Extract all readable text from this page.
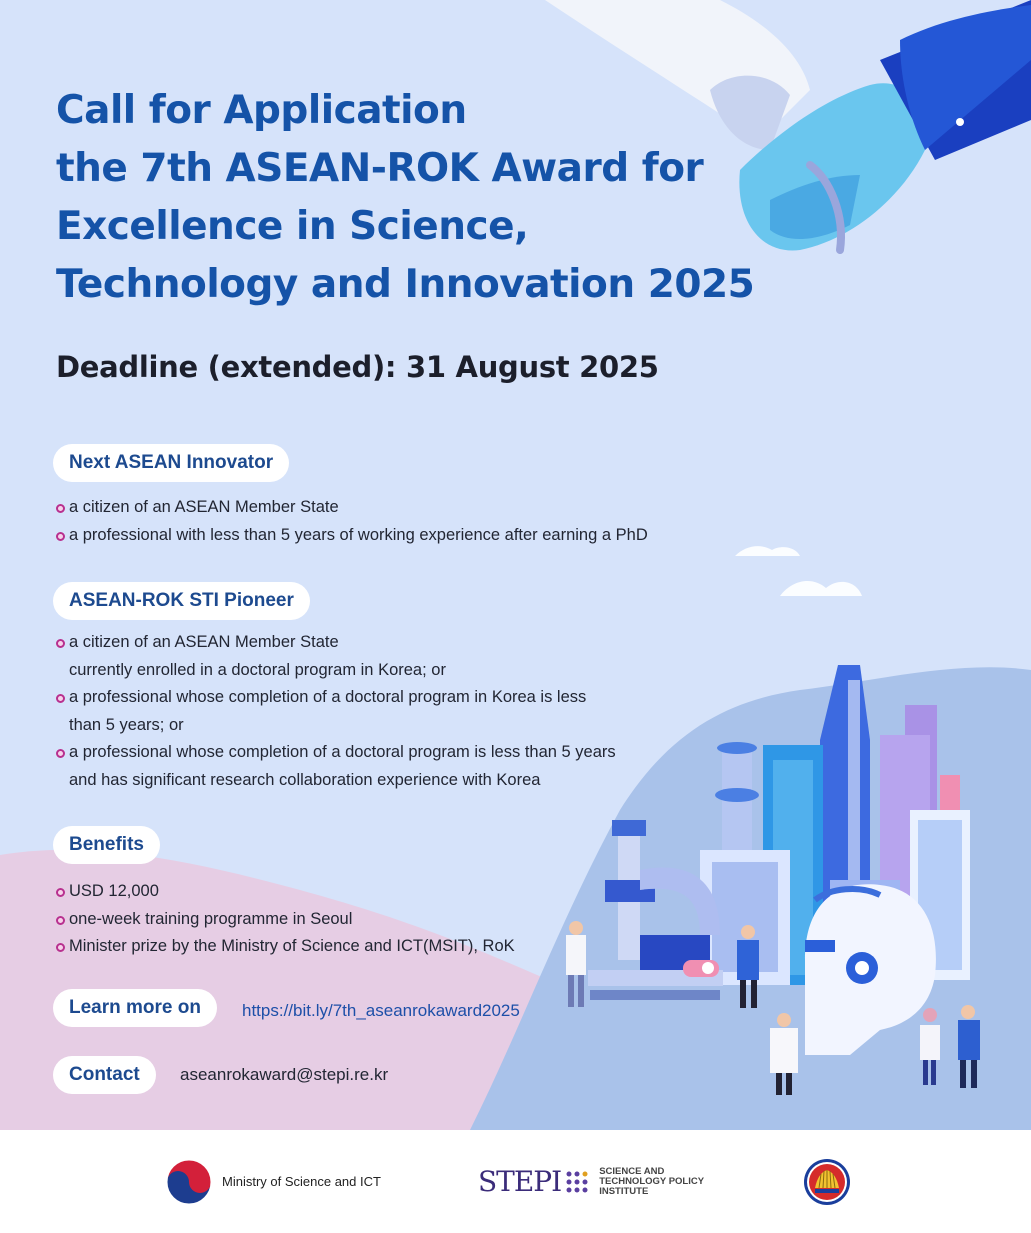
Call for Application
the 7th ASEAN-ROK Award for
Excellence in Science,
Technology and Innovation 2025
Deadline (extended): 31 August 2025
Next ASEAN Innovator
a citizen of an ASEAN Member State
a professional with less than 5 years of working experience after earning a PhD
ASEAN-ROK STI Pioneer
a citizen of an ASEAN Member State
currently enrolled in a doctoral program in Korea; or
a professional whose completion of a doctoral program in Korea is less
than 5 years; or
a professional whose completion of a doctoral program is less than 5 years
and has significant research collaboration experience with Korea
Benefits
USD 12,000
one-week training programme in Seoul
Minister prize by the Ministry of Science and ICT(MSIT), RoK
Learn more on	https://bit.ly/7th_aseanrokaward2025
Contact	aseanrokaward@stepi.re.kr
Ministry of Science and ICT	STEPI	SCIENCE AND
TECHNOLOGY POLICY
INSTITUTE
